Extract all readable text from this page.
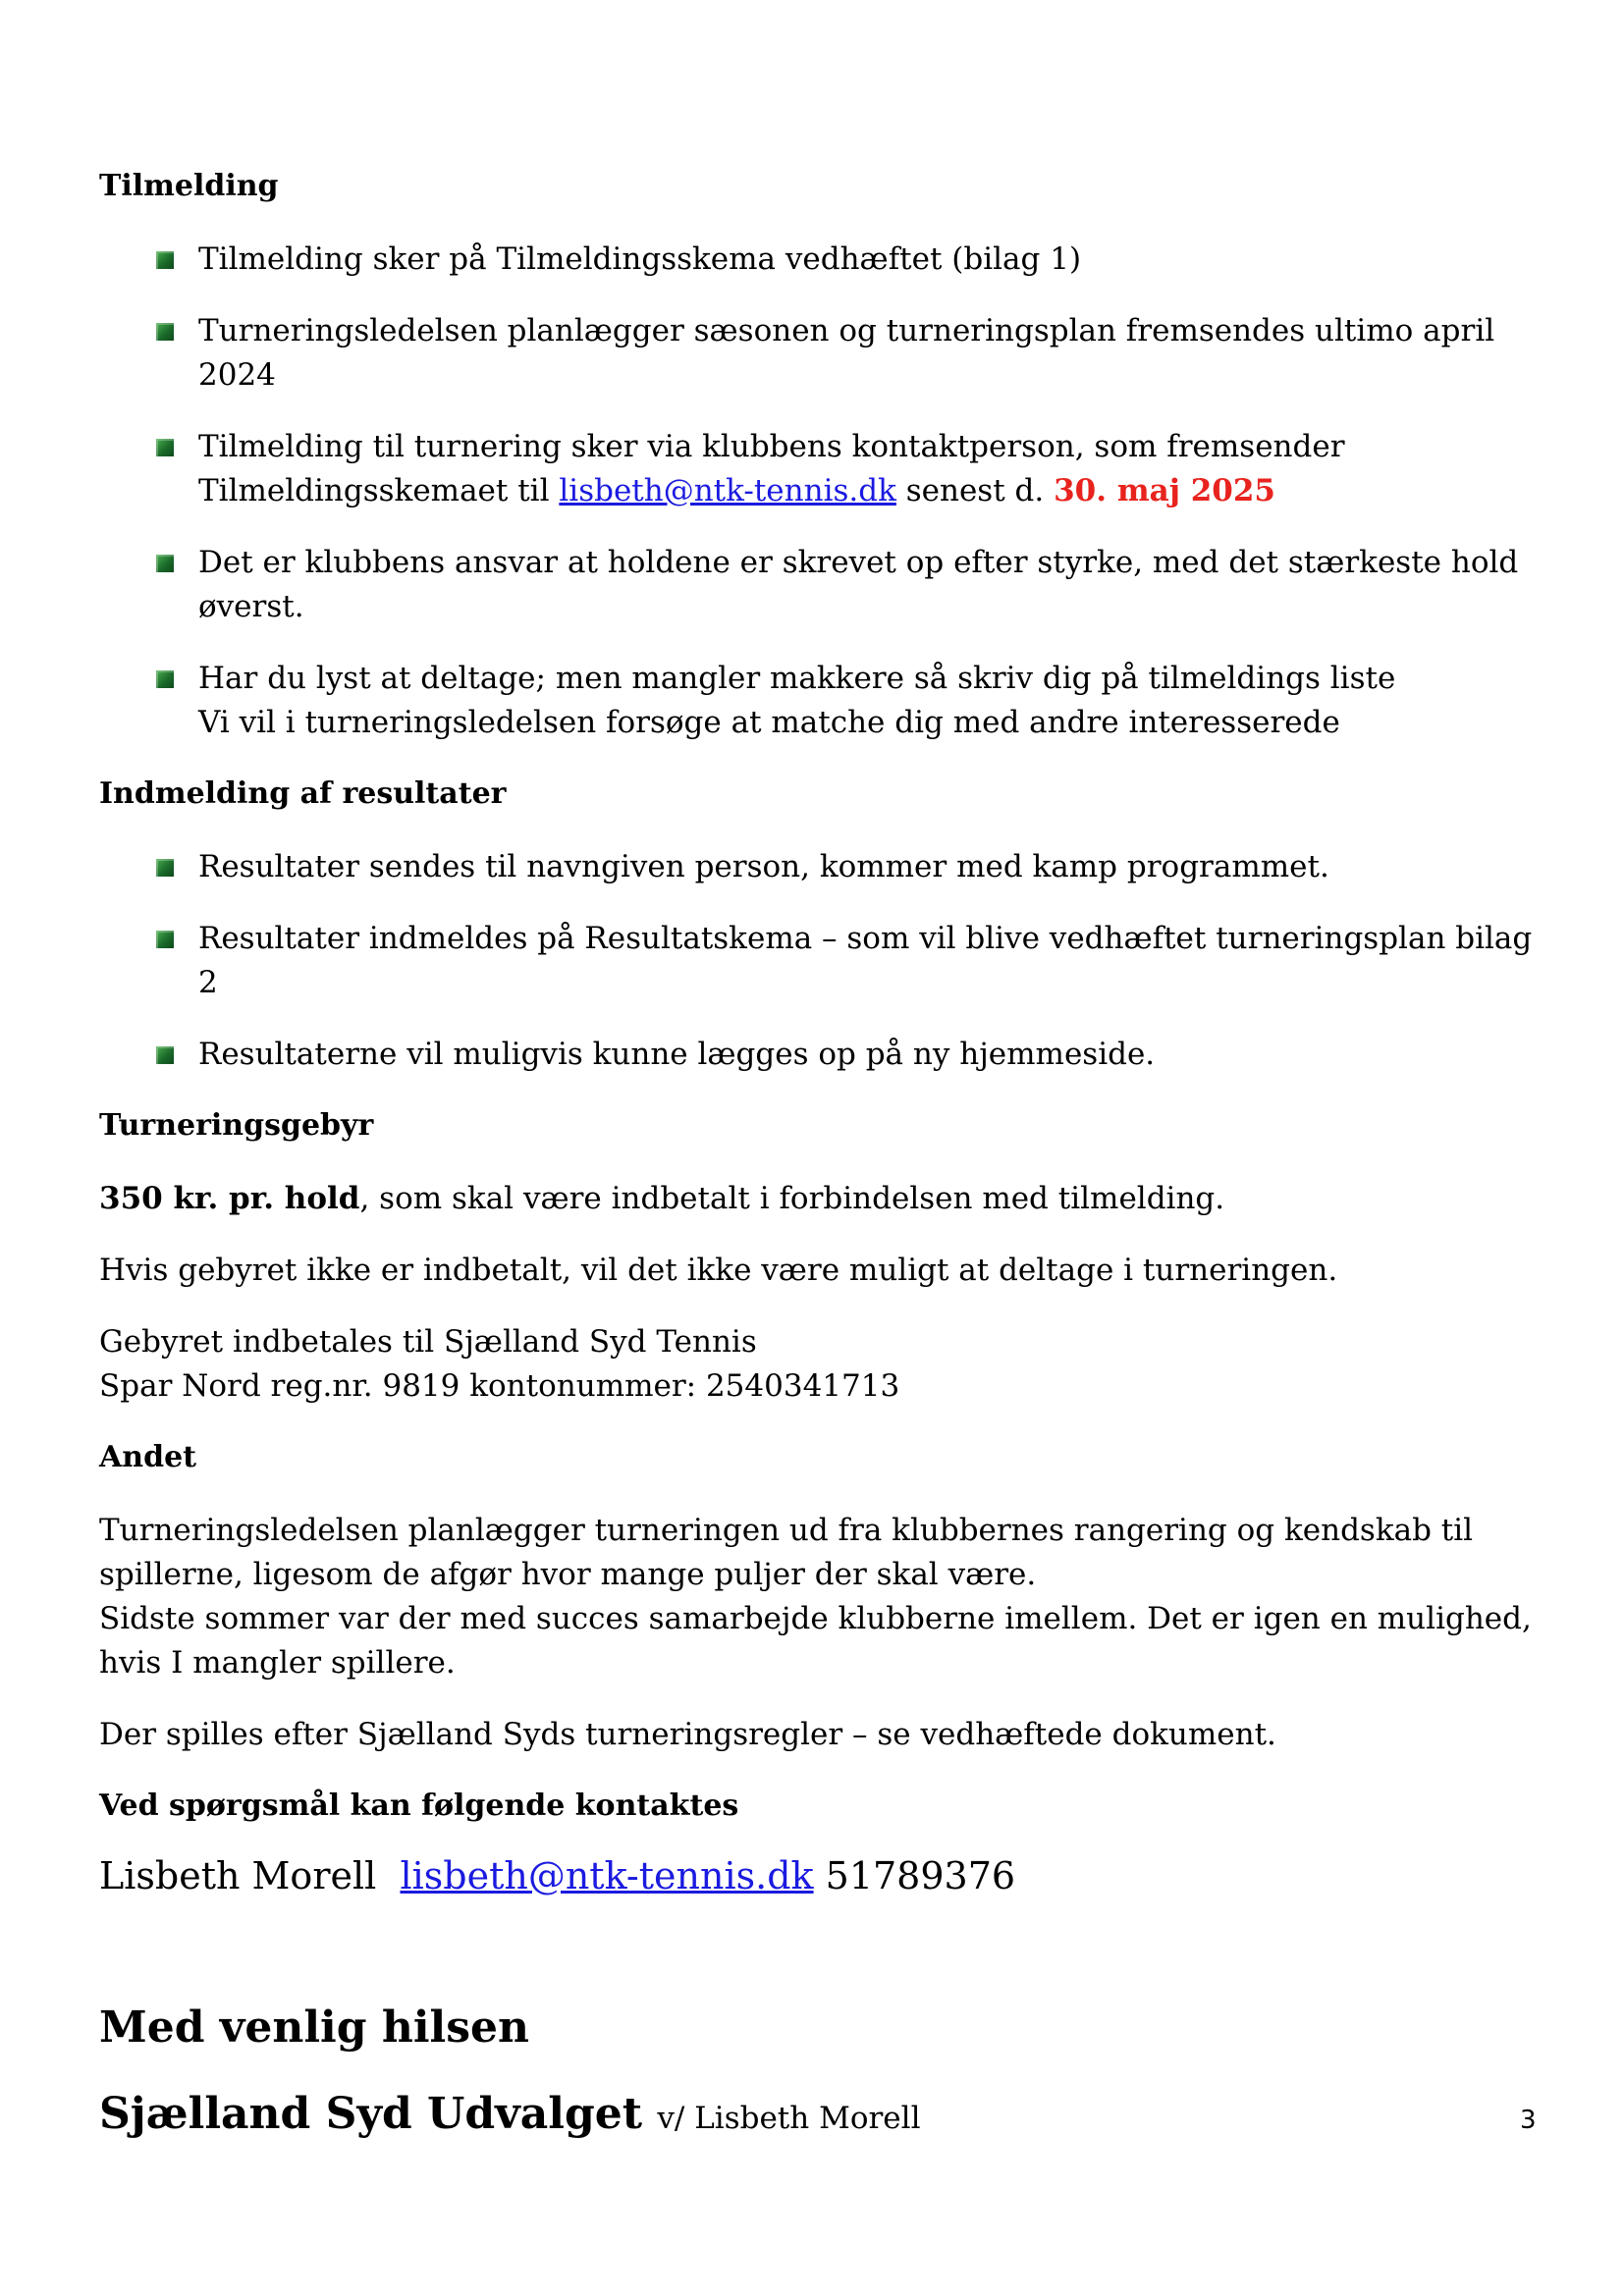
Tilmelding

Tilmelding sker på Tilmeldingsskema vedhæftet (bilag 1)
Turneringsledelsen planlægger sæsonen og turneringsplan fremsendes ultimo april 2024
Tilmelding til turnering sker via klubbens kontaktperson, som fremsender Tilmeldingsskemaet til lisbeth@ntk-tennis.dk senest d. 30. maj 2025
Det er klubbens ansvar at holdene er skrevet op efter styrke, med det stærkeste hold øverst.
Har du lyst at deltage; men mangler makkere så skriv dig på tilmeldings liste
Vi vil i turneringsledelsen forsøge at matche dig med andre interesserede

Indmelding af resultater

Resultater sendes til navngiven person, kommer med kamp programmet.
Resultater indmeldes på Resultatskema – som vil blive vedhæftet turneringsplan bilag 2
Resultaterne vil muligvis kunne lægges op på ny hjemmeside.

Turneringsgebyr

350 kr. pr. hold, som skal være indbetalt i forbindelsen med tilmelding.

Hvis gebyret ikke er indbetalt, vil det ikke være muligt at deltage i turneringen.

Gebyret indbetales til Sjælland Syd Tennis
Spar Nord reg.nr. 9819 kontonummer: 2540341713

Andet

Turneringsledelsen planlægger turneringen ud fra klubbernes rangering og kendskab til spillerne, ligesom de afgør hvor mange puljer der skal være.
Sidste sommer var der med succes samarbejde klubberne imellem. Det er igen en mulighed, hvis I mangler spillere.

Der spilles efter Sjælland Syds turneringsregler – se vedhæftede dokument.

Ved spørgsmål kan følgende kontaktes

Lisbeth Morell lisbeth@ntk-tennis.dk 51789376

Med venlig hilsen

Sjælland Syd Udvalget v/ Lisbeth Morell	3
